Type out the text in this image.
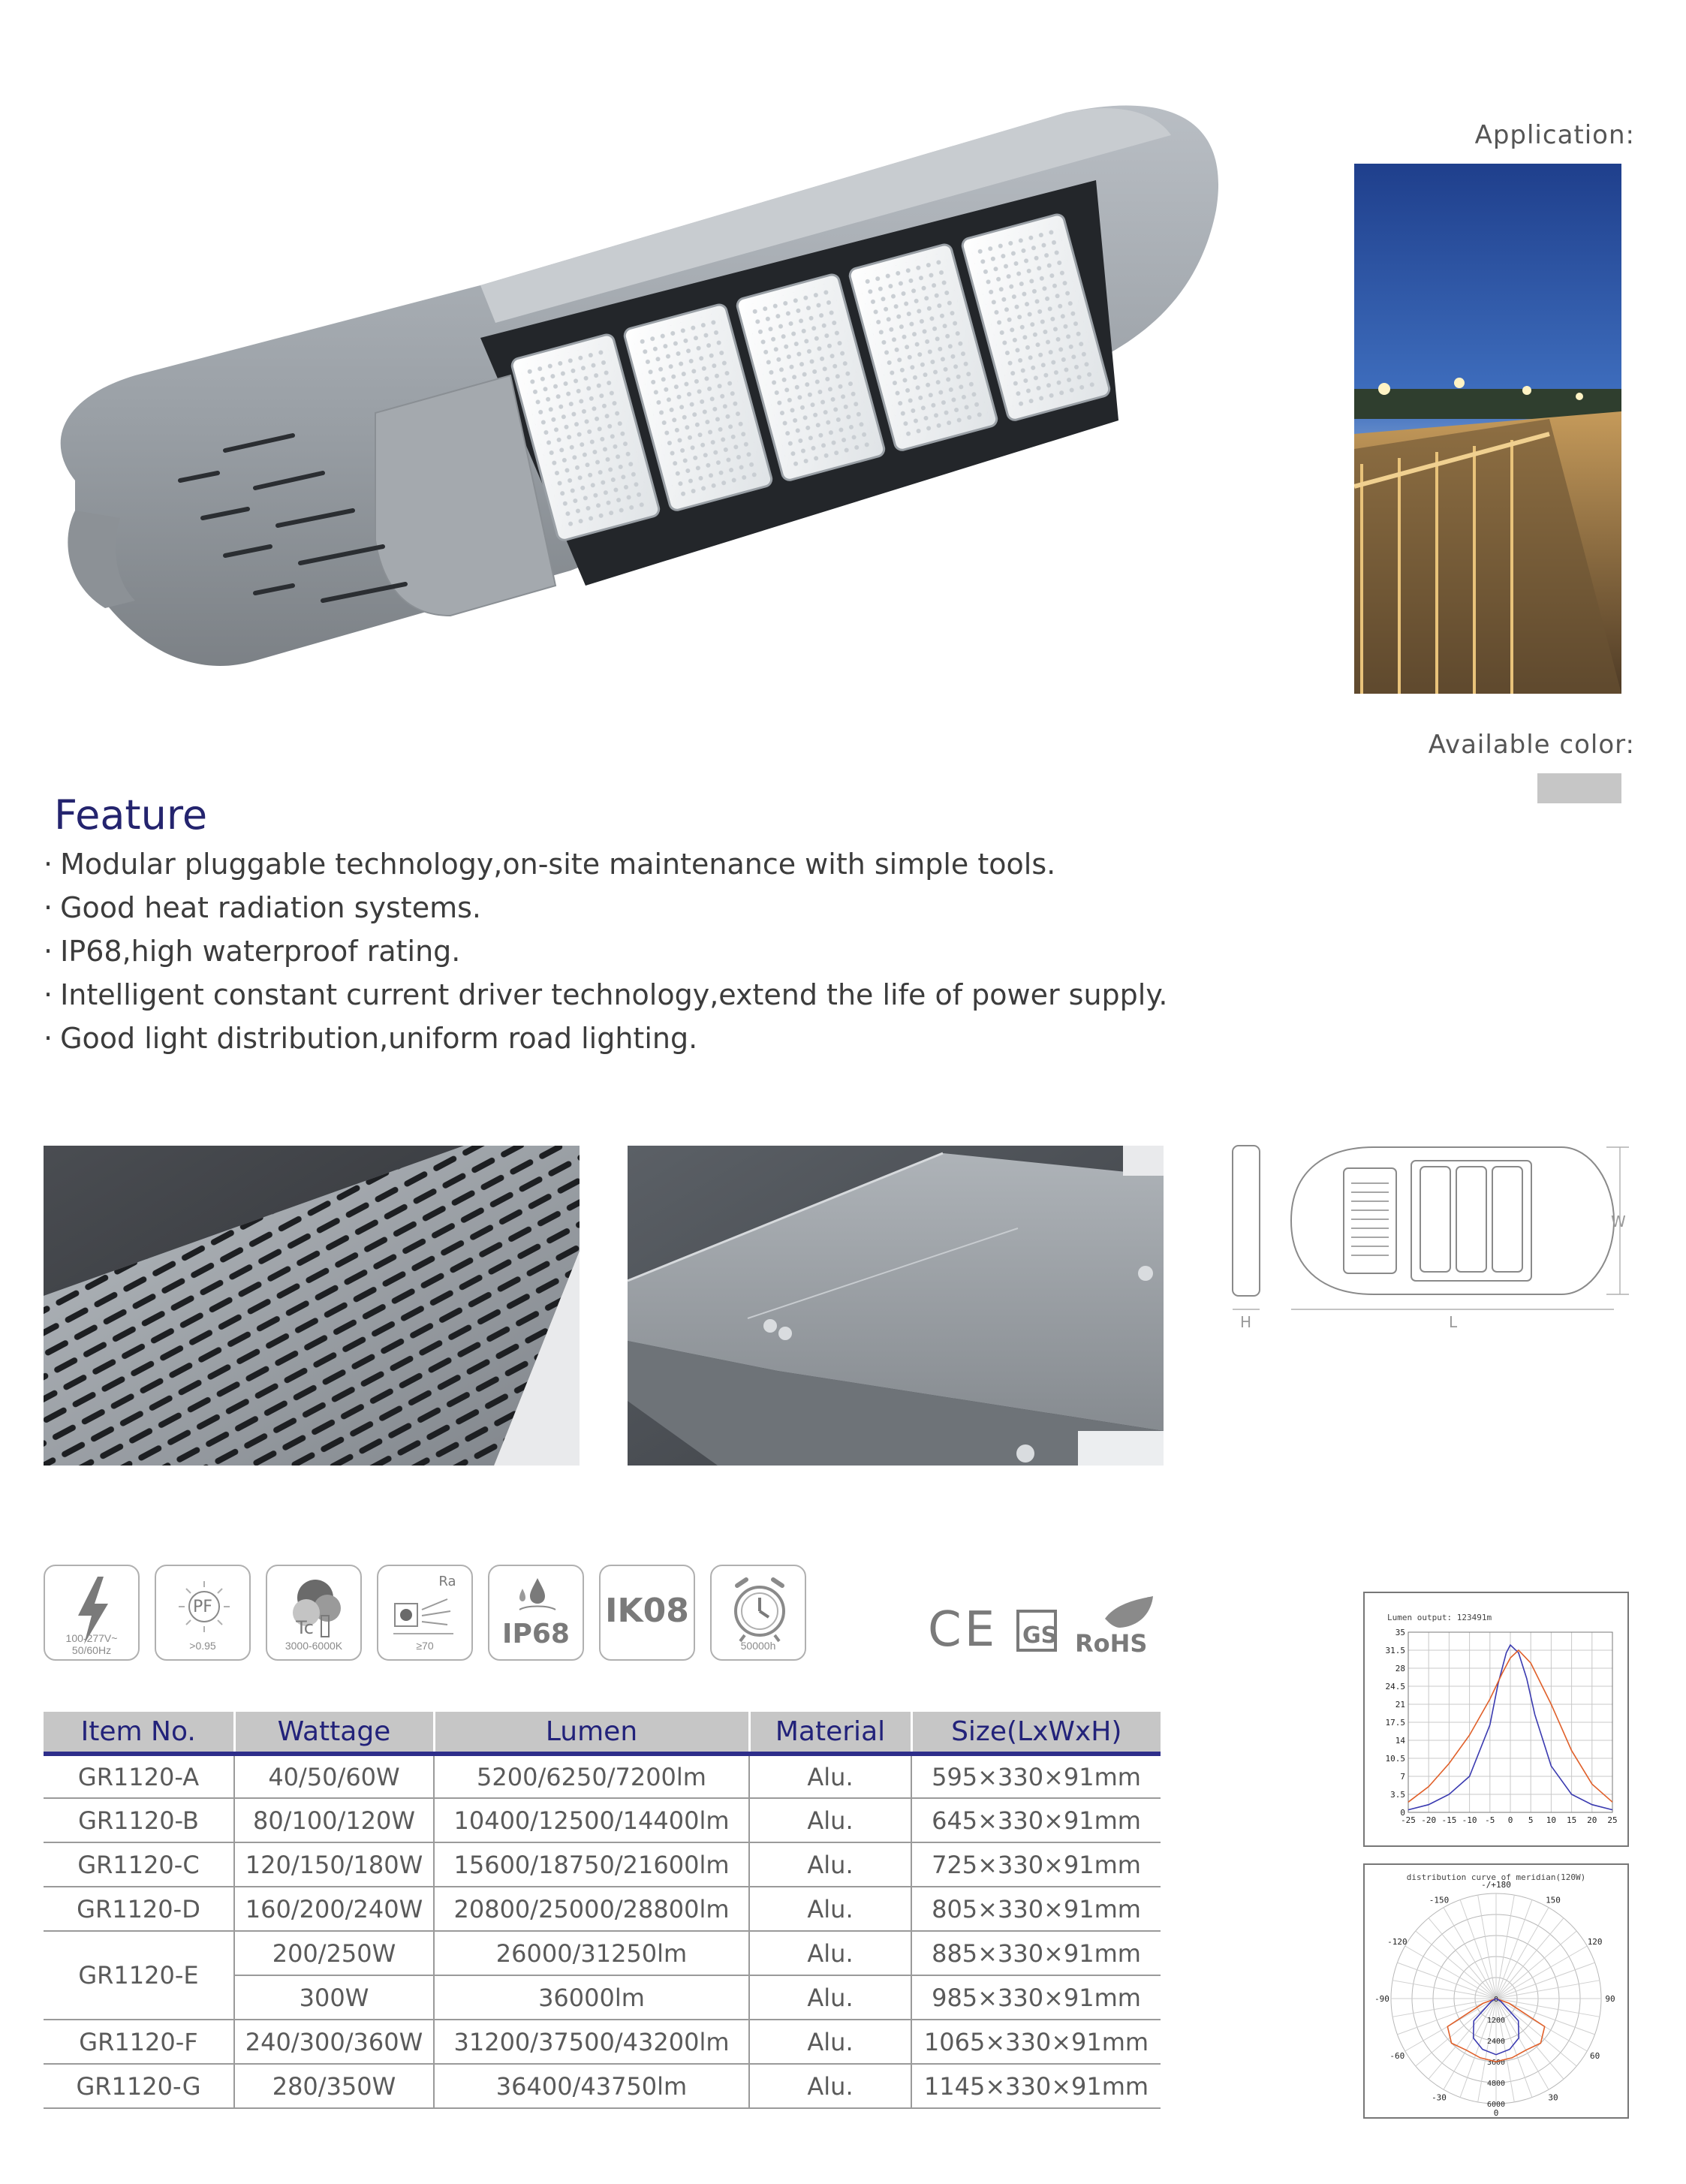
Application:
Available color:
Feature
· Modular pluggable technology,on-site maintenance with simple tools.
· Good heat radiation systems.
· IP68,high waterproof rating.
· Intelligent constant current driver technology,extend the life of power supply.
· Good light distribution,uniform road lighting.
H	L
W
100-277V~
50/60Hz
PF
>0.95
Tc
3000-6000K
Ra
≥70	IP68
IK08
50000h	CE GS RoHS
Item No.	Wattage	Lumen	Material	Size(LxWxH)
GR1120-A	40/50/60W	5200/6250/7200lm	Alu.	595×330×91mm
GR1120-B	80/100/120W	10400/12500/14400lm	Alu.	645×330×91mm
GR1120-C	120/150/180W	15600/18750/21600lm	Alu.	725×330×91mm
GR1120-D	160/200/240W	20800/25000/28800lm	Alu.	805×330×91mm
GR1120-E	200/250W	26000/31250lm	Alu.	885×330×91mm
	300W	36000lm	Alu.	985×330×91mm
GR1120-F	240/300/360W	31200/37500/43200lm	Alu.	1065×330×91mm
GR1120-G	280/350W	36400/43750lm	Alu.	1145×330×91mm
Lumen output: 123491m
35
31.5
28
24.5
21
17.5
14
10.5
7
3.5
0
-25 -20 -15 -10 -5 0 5 10 15 20 25
distribution curve of meridian(120W)
-/+180
-150	150
-120	120
-90	90
-60	60
-30	30
0
0
1200
2400
3600
4800
6000
